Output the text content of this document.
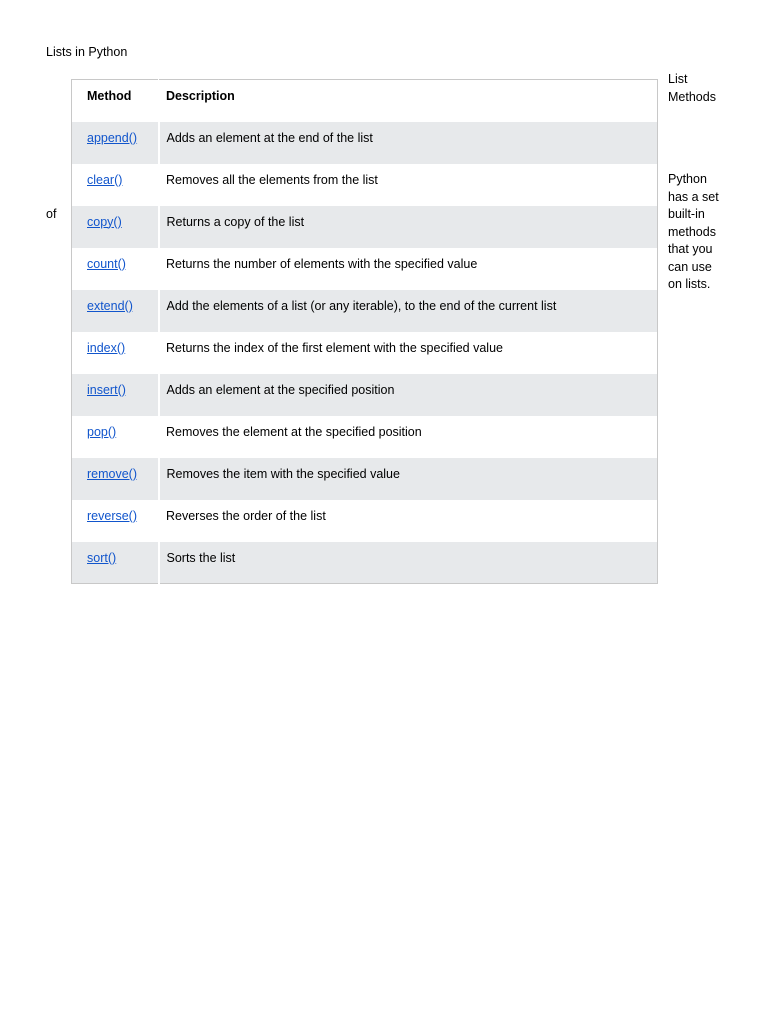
Lists in Python
List
Methods
Python
has a set
built-in
methods
that you
can use
on lists.
of
Method	Description
append()	Adds an element at the end of the list
clear()	Removes all the elements from the list
copy()	Returns a copy of the list
count()	Returns the number of elements with the specified value
extend()	Add the elements of a list (or any iterable), to the end of the current list
index()	Returns the index of the first element with the specified value
insert()	Adds an element at the specified position
pop()	Removes the element at the specified position
remove()	Removes the item with the specified value
reverse()	Reverses the order of the list
sort()	Sorts the list
